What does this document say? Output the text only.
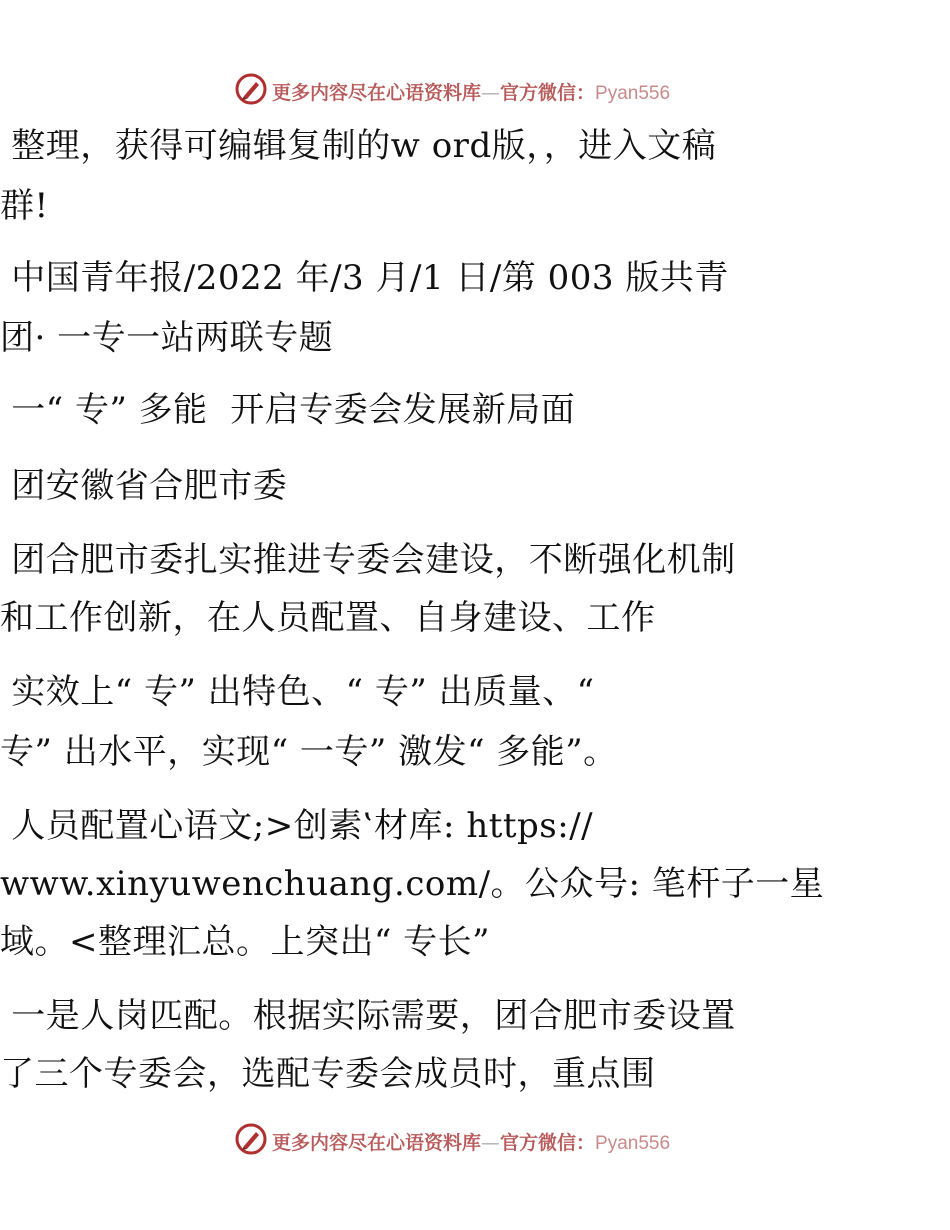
更多内容尽在心语资料库—官方微信：Pyan556
整理，获得可编辑复制的w ord版，，进入文稿
群!
中国青年报/2022 年/3 月/1 日/第 003 版共青
团· 一专一站两联专题
一“ 专” 多能  开启专委会发展新局面
团安徽省合肥市委
团合肥市委扎实推进专委会建设，不断强化机制
和工作创新，在人员配置、自身建设、工作
实效上“ 专” 出特色、“ 专” 出质量、“
专” 出水平，实现“ 一专” 激发“ 多能”。
人员配置心语文;>创素‛材库: https://
www.xinyuwenchuang.com/。公众号: 笔杆子一星
域。<整理汇总。上突出“ 专长”
一是人岗匹配。根据实际需要，团合肥市委设置
了三个专委会，选配专委会成员时，重点围
更多内容尽在心语资料库—官方微信：Pyan556
